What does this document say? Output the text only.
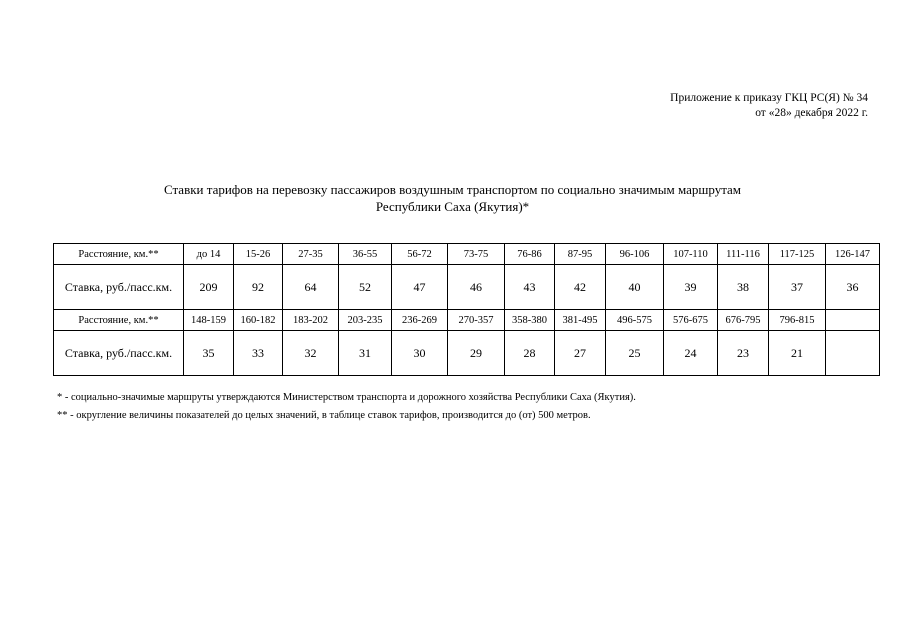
Приложение к приказу ГКЦ РС(Я) № 34
от «28» декабря 2022 г.
Ставки тарифов на перевозку пассажиров воздушным транспортом по социально значимым маршрутам
Республики Саха (Якутия)*
Расстояние, км.**	до 14	15-26	27-35	36-55	56-72	73-75	76-86	87-95	96-106	107-110	111-116	117-125	126-147
Ставка, руб./пасс.км.	209	92	64	52	47	46	43	42	40	39	38	37	36
Расстояние, км.**	148-159	160-182	183-202	203-235	236-269	270-357	358-380	381-495	496-575	576-675	676-795	796-815	
Ставка, руб./пасс.км.	35	33	32	31	30	29	28	27	25	24	23	21	
* - социально-значимые маршруты утверждаются Министерством транспорта и дорожного хозяйства Республики Саха (Якутия).
** - округление величины показателей до целых значений, в таблице ставок тарифов, производится до (от) 500 метров.
